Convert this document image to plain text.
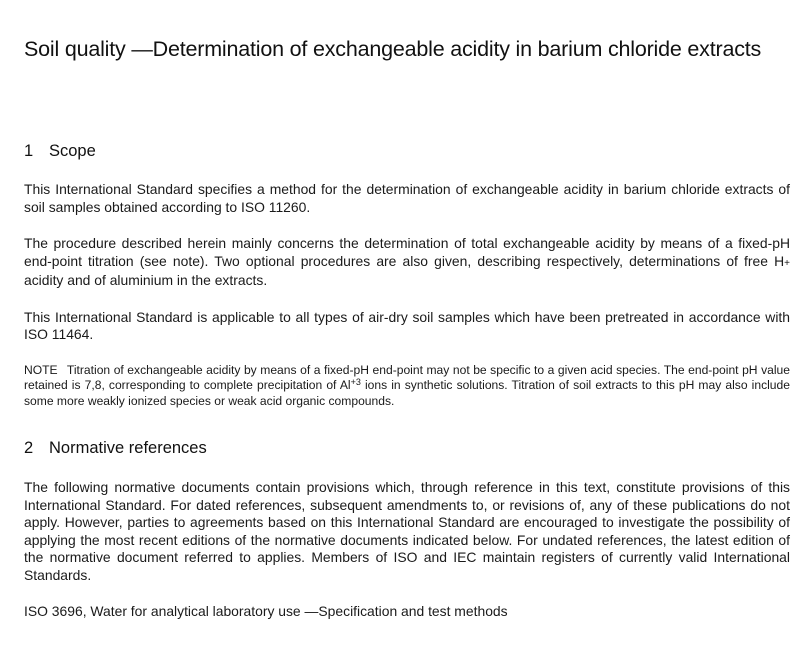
Soil quality —Determination of exchangeable acidity in barium chloride extracts
1 Scope

This International Standard specifies a method for the determination of exchangeable acidity in barium chloride extracts of soil samples obtained according to ISO 11260.

The procedure described herein mainly concerns the determination of total exchangeable acidity by means of a fixed-pH end-point titration (see note). Two optional procedures are also given, describing respectively, determinations of free H+ acidity and of aluminium in the extracts.

This International Standard is applicable to all types of air-dry soil samples which have been pretreated in accordance with ISO 11464.

NOTE Titration of exchangeable acidity by means of a fixed-pH end-point may not be specific to a given acid species. The end-point pH value retained is 7,8, corresponding to complete precipitation of $Al^{+3}$ ions in synthetic solutions. Titration of soil extracts to this pH may also include some more weakly ionized species or weak acid organic compounds.

2 Normative references

The following normative documents contain provisions which, through reference in this text, constitute provisions of this International Standard. For dated references, subsequent amendments to, or revisions of, any of these publications do not apply. However, parties to agreements based on this International Standard are encouraged to investigate the possibility of applying the most recent editions of the normative documents indicated below. For undated references, the latest edition of the normative document referred to applies. Members of ISO and IEC maintain registers of currently valid International Standards.

ISO 3696, Water for analytical laboratory use —Specification and test methods
